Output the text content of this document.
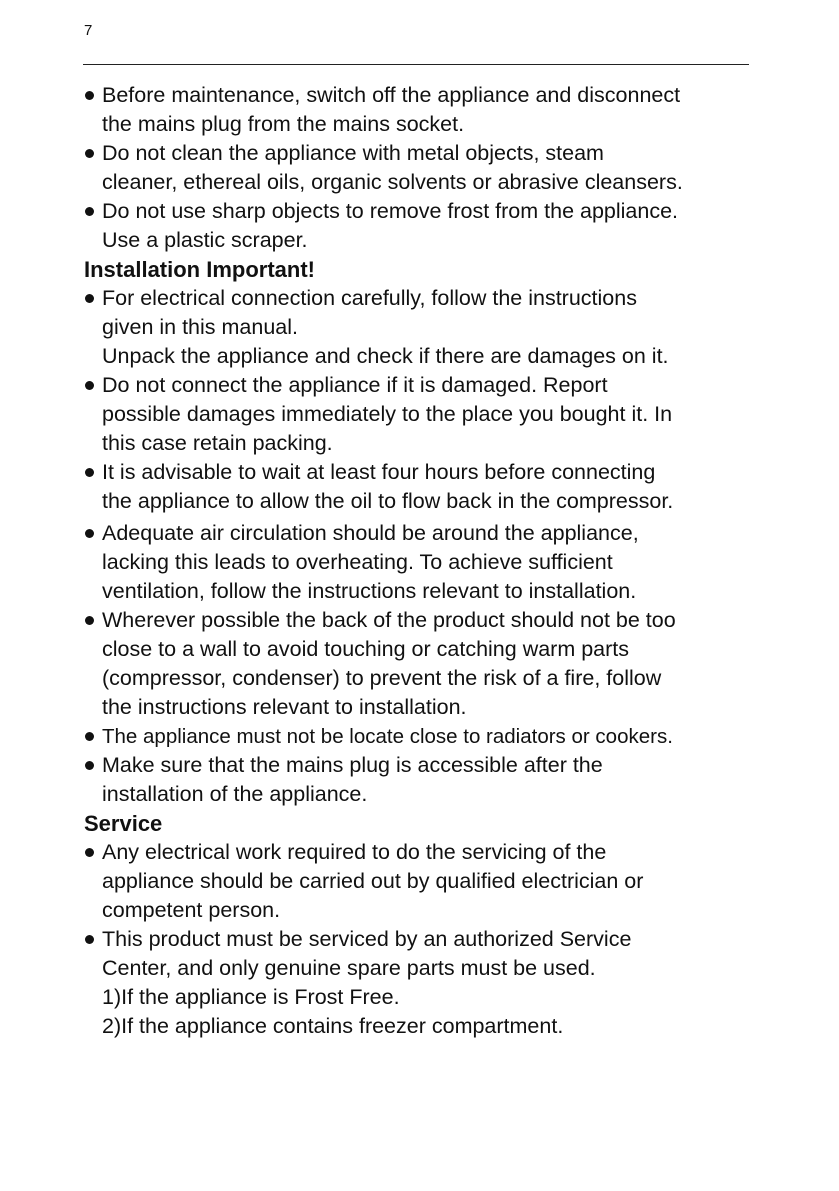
7
Before maintenance, switch off the appliance and disconnect
the mains plug from the mains socket.
Do not clean the appliance with metal objects, steam
cleaner, ethereal oils, organic solvents or abrasive cleansers.
Do not use sharp objects to remove frost from the appliance.
Use a plastic scraper.
Installation Important!
For electrical connection carefully, follow the instructions
given in this manual.
Unpack the appliance and check if there are damages on it.
Do not connect the appliance if it is damaged. Report
possible damages immediately to the place you bought it. In
this case retain packing.
It is advisable to wait at least four hours before connecting
the appliance to allow the oil to flow back in the compressor.
Adequate air circulation should be around the appliance,
lacking this leads to overheating. To achieve sufficient
ventilation, follow the instructions relevant to installation.
Wherever possible the back of the product should not be too
close to a wall to avoid touching or catching warm parts
(compressor, condenser) to prevent the risk of a fire, follow
the instructions relevant to installation.
The appliance must not be locate close to radiators or cookers.
Make sure that the mains plug is accessible after the
installation of the appliance.
Service
Any electrical work required to do the servicing of the
appliance should be carried out by qualified electrician or
competent person.
This product must be serviced by an authorized Service
Center, and only genuine spare parts must be used.
1)If the appliance is Frost Free.
2)If the appliance contains freezer compartment.
